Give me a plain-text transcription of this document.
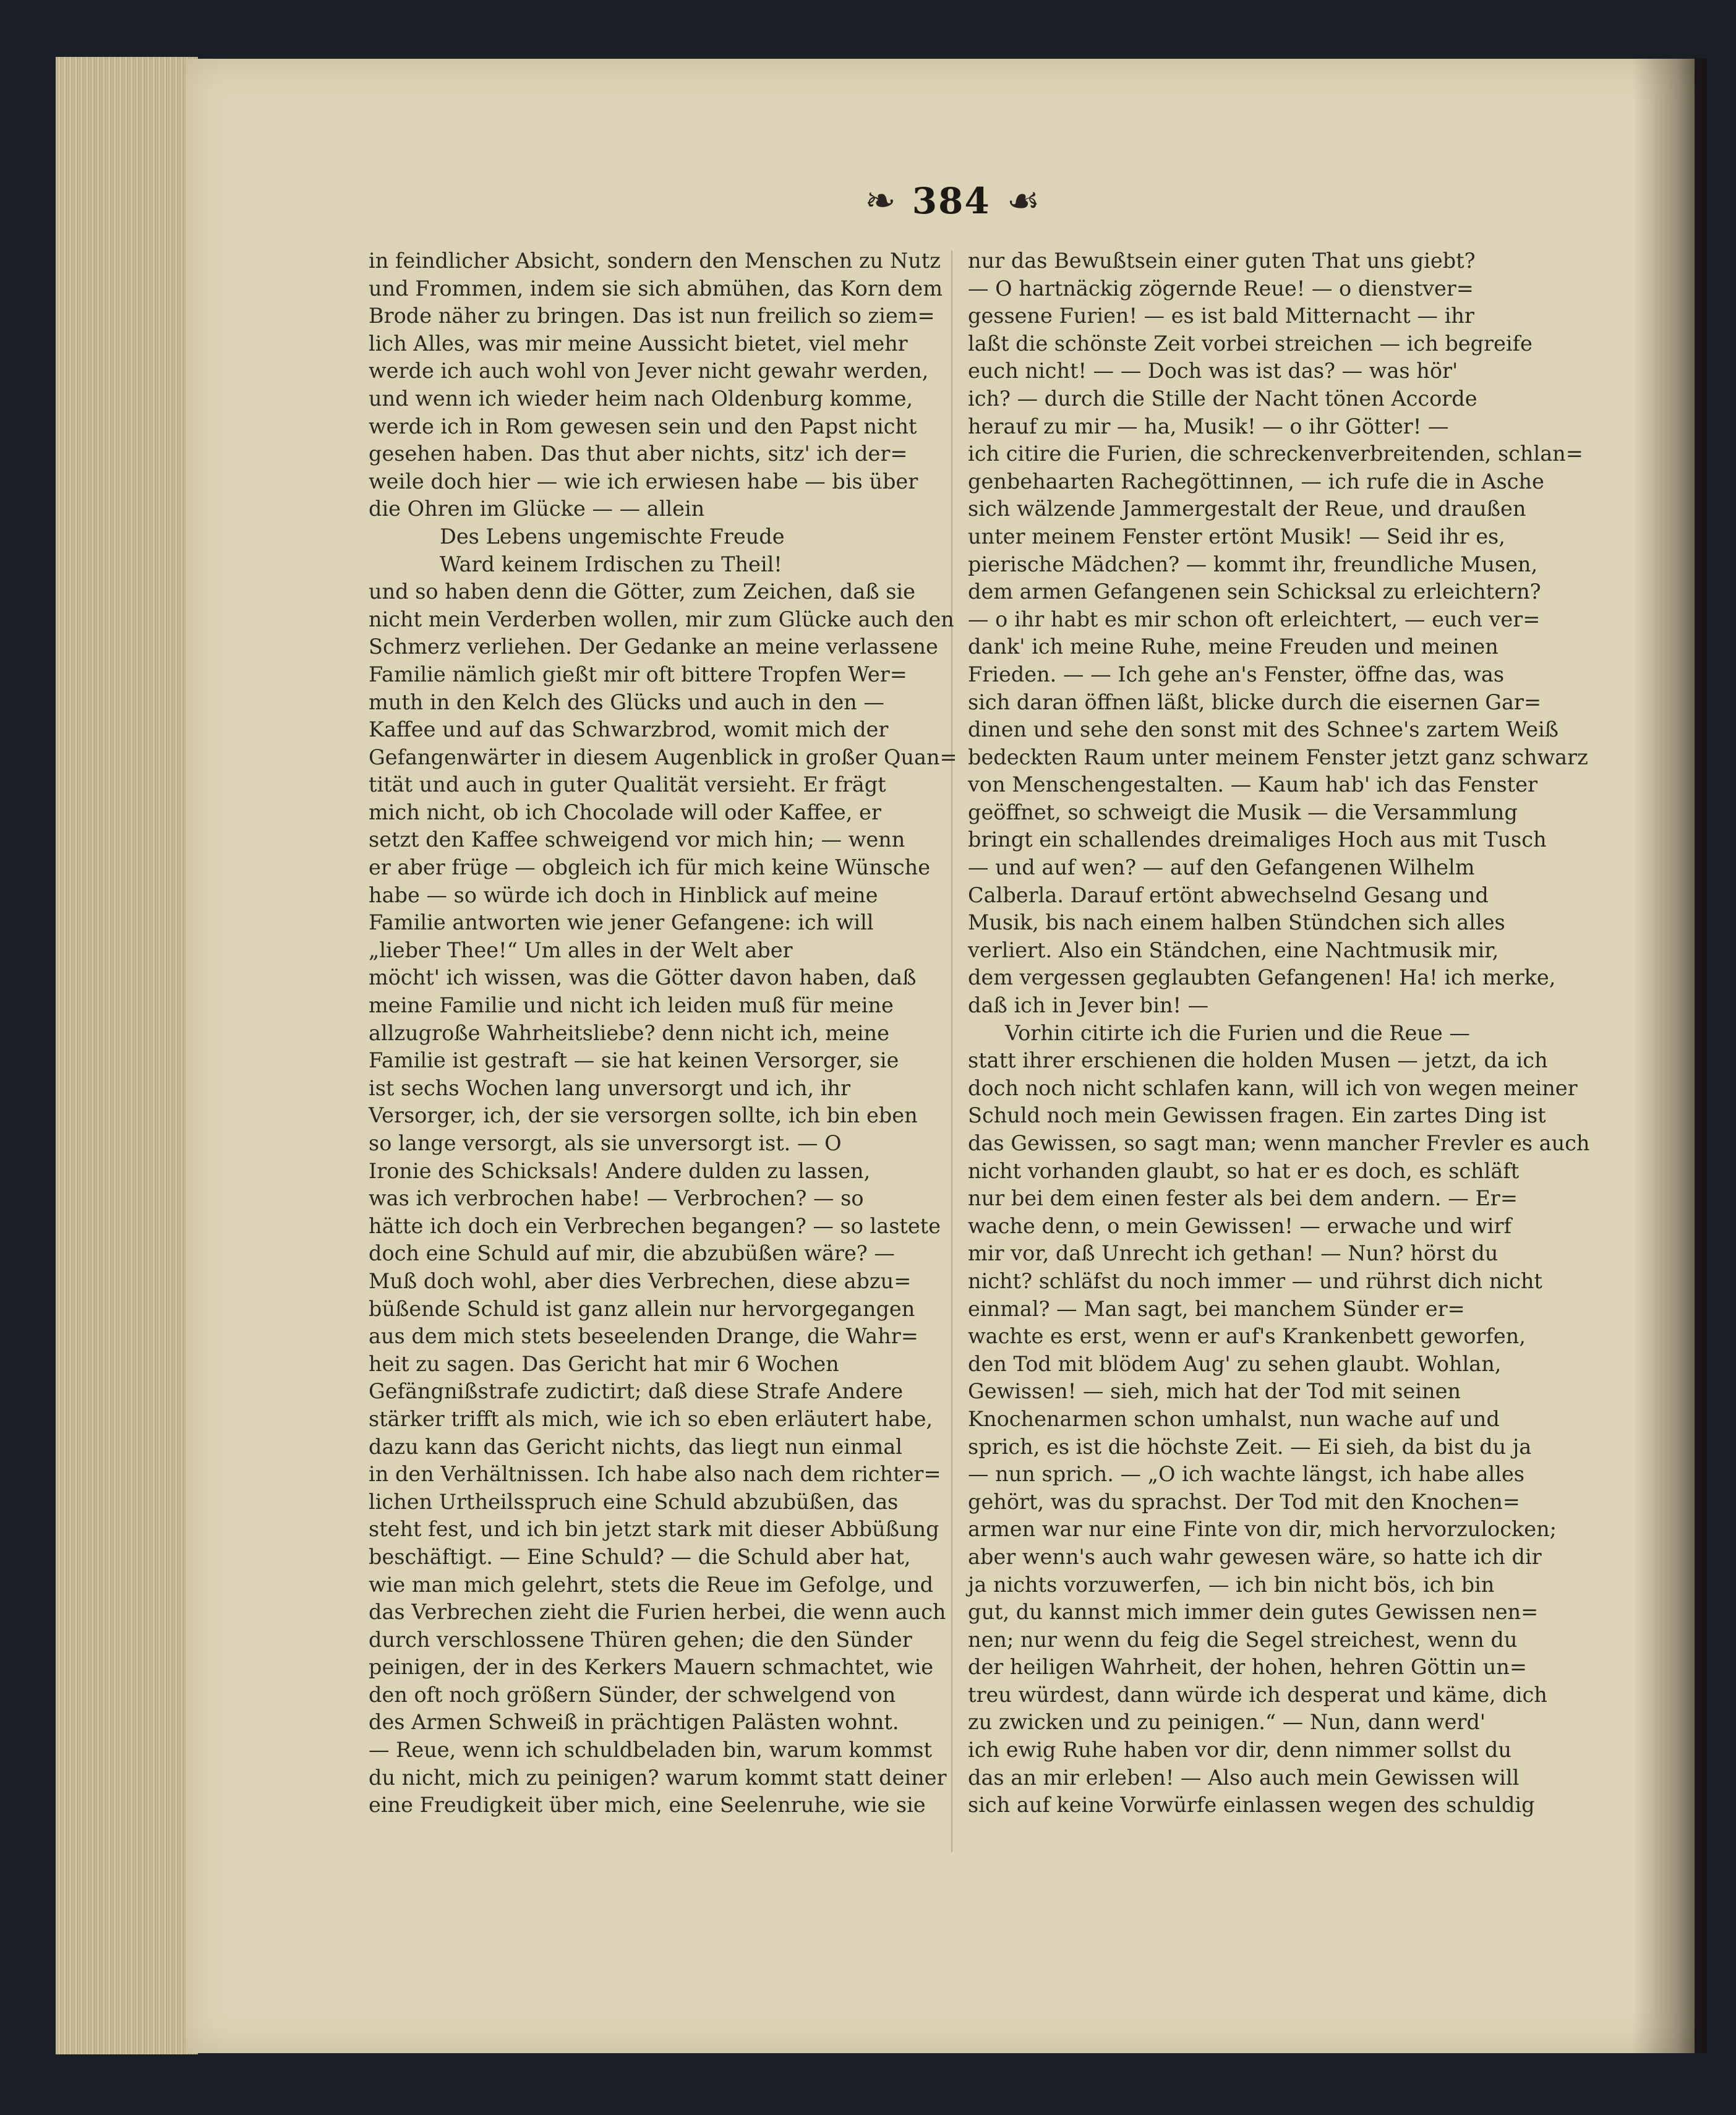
❧ 384 ☙
in feindlicher Absicht, sondern den Menschen zu Nutz
und Frommen, indem sie sich abmühen, das Korn dem
Brode näher zu bringen. Das ist nun freilich so ziem=
lich Alles, was mir meine Aussicht bietet, viel mehr
werde ich auch wohl von Jever nicht gewahr werden,
und wenn ich wieder heim nach Oldenburg komme,
werde ich in Rom gewesen sein und den Papst nicht
gesehen haben. Das thut aber nichts, sitz' ich der=
weile doch hier — wie ich erwiesen habe — bis über
die Ohren im Glücke — — allein
Des Lebens ungemischte Freude
Ward keinem Irdischen zu Theil!
und so haben denn die Götter, zum Zeichen, daß sie
nicht mein Verderben wollen, mir zum Glücke auch den
Schmerz verliehen. Der Gedanke an meine verlassene
Familie nämlich gießt mir oft bittere Tropfen Wer=
muth in den Kelch des Glücks und auch in den —
Kaffee und auf das Schwarzbrod, womit mich der
Gefangenwärter in diesem Augenblick in großer Quan=
tität und auch in guter Qualität versieht. Er frägt
mich nicht, ob ich Chocolade will oder Kaffee, er
setzt den Kaffee schweigend vor mich hin; — wenn
er aber früge — obgleich ich für mich keine Wünsche
habe — so würde ich doch in Hinblick auf meine
Familie antworten wie jener Gefangene: ich will
„lieber Thee!“ Um alles in der Welt aber
möcht' ich wissen, was die Götter davon haben, daß
meine Familie und nicht ich leiden muß für meine
allzugroße Wahrheitsliebe? denn nicht ich, meine
Familie ist gestraft — sie hat keinen Versorger, sie
ist sechs Wochen lang unversorgt und ich, ihr
Versorger, ich, der sie versorgen sollte, ich bin eben
so lange versorgt, als sie unversorgt ist. — O
Ironie des Schicksals! Andere dulden zu lassen,
was ich verbrochen habe! — Verbrochen? — so
hätte ich doch ein Verbrechen begangen? — so lastete
doch eine Schuld auf mir, die abzubüßen wäre? —
Muß doch wohl, aber dies Verbrechen, diese abzu=
büßende Schuld ist ganz allein nur hervorgegangen
aus dem mich stets beseelenden Drange, die Wahr=
heit zu sagen. Das Gericht hat mir 6 Wochen
Gefängnißstrafe zudictirt; daß diese Strafe Andere
stärker trifft als mich, wie ich so eben erläutert habe,
dazu kann das Gericht nichts, das liegt nun einmal
in den Verhältnissen. Ich habe also nach dem richter=
lichen Urtheilsspruch eine Schuld abzubüßen, das
steht fest, und ich bin jetzt stark mit dieser Abbüßung
beschäftigt. — Eine Schuld? — die Schuld aber hat,
wie man mich gelehrt, stets die Reue im Gefolge, und
das Verbrechen zieht die Furien herbei, die wenn auch
durch verschlossene Thüren gehen; die den Sünder
peinigen, der in des Kerkers Mauern schmachtet, wie
den oft noch größern Sünder, der schwelgend von
des Armen Schweiß in prächtigen Palästen wohnt.
— Reue, wenn ich schuldbeladen bin, warum kommst
du nicht, mich zu peinigen? warum kommt statt deiner
eine Freudigkeit über mich, eine Seelenruhe, wie sie
nur das Bewußtsein einer guten That uns giebt?
— O hartnäckig zögernde Reue! — o dienstver=
gessene Furien! — es ist bald Mitternacht — ihr
laßt die schönste Zeit vorbei streichen — ich begreife
euch nicht! — — Doch was ist das? — was hör'
ich? — durch die Stille der Nacht tönen Accorde
herauf zu mir — ha, Musik! — o ihr Götter! —
ich citire die Furien, die schreckenverbreitenden, schlan=
genbehaarten Rachegöttinnen, — ich rufe die in Asche
sich wälzende Jammergestalt der Reue, und draußen
unter meinem Fenster ertönt Musik! — Seid ihr es,
pierische Mädchen? — kommt ihr, freundliche Musen,
dem armen Gefangenen sein Schicksal zu erleichtern?
— o ihr habt es mir schon oft erleichtert, — euch ver=
dank' ich meine Ruhe, meine Freuden und meinen
Frieden. — — Ich gehe an's Fenster, öffne das, was
sich daran öffnen läßt, blicke durch die eisernen Gar=
dinen und sehe den sonst mit des Schnee's zartem Weiß
bedeckten Raum unter meinem Fenster jetzt ganz schwarz
von Menschengestalten. — Kaum hab' ich das Fenster
geöffnet, so schweigt die Musik — die Versammlung
bringt ein schallendes dreimaliges Hoch aus mit Tusch
— und auf wen? — auf den Gefangenen Wilhelm
Calberla. Darauf ertönt abwechselnd Gesang und
Musik, bis nach einem halben Stündchen sich alles
verliert. Also ein Ständchen, eine Nachtmusik mir,
dem vergessen geglaubten Gefangenen! Ha! ich merke,
daß ich in Jever bin! —
Vorhin citirte ich die Furien und die Reue —
statt ihrer erschienen die holden Musen — jetzt, da ich
doch noch nicht schlafen kann, will ich von wegen meiner
Schuld noch mein Gewissen fragen. Ein zartes Ding ist
das Gewissen, so sagt man; wenn mancher Frevler es auch
nicht vorhanden glaubt, so hat er es doch, es schläft
nur bei dem einen fester als bei dem andern. — Er=
wache denn, o mein Gewissen! — erwache und wirf
mir vor, daß Unrecht ich gethan! — Nun? hörst du
nicht? schläfst du noch immer — und rührst dich nicht
einmal? — Man sagt, bei manchem Sünder er=
wachte es erst, wenn er auf's Krankenbett geworfen,
den Tod mit blödem Aug' zu sehen glaubt. Wohlan,
Gewissen! — sieh, mich hat der Tod mit seinen
Knochenarmen schon umhalst, nun wache auf und
sprich, es ist die höchste Zeit. — Ei sieh, da bist du ja
— nun sprich. — „O ich wachte längst, ich habe alles
gehört, was du sprachst. Der Tod mit den Knochen=
armen war nur eine Finte von dir, mich hervorzulocken;
aber wenn's auch wahr gewesen wäre, so hatte ich dir
ja nichts vorzuwerfen, — ich bin nicht bös, ich bin
gut, du kannst mich immer dein gutes Gewissen nen=
nen; nur wenn du feig die Segel streichest, wenn du
der heiligen Wahrheit, der hohen, hehren Göttin un=
treu würdest, dann würde ich desperat und käme, dich
zu zwicken und zu peinigen.“ — Nun, dann werd'
ich ewig Ruhe haben vor dir, denn nimmer sollst du
das an mir erleben! — Also auch mein Gewissen will
sich auf keine Vorwürfe einlassen wegen des schuldig
